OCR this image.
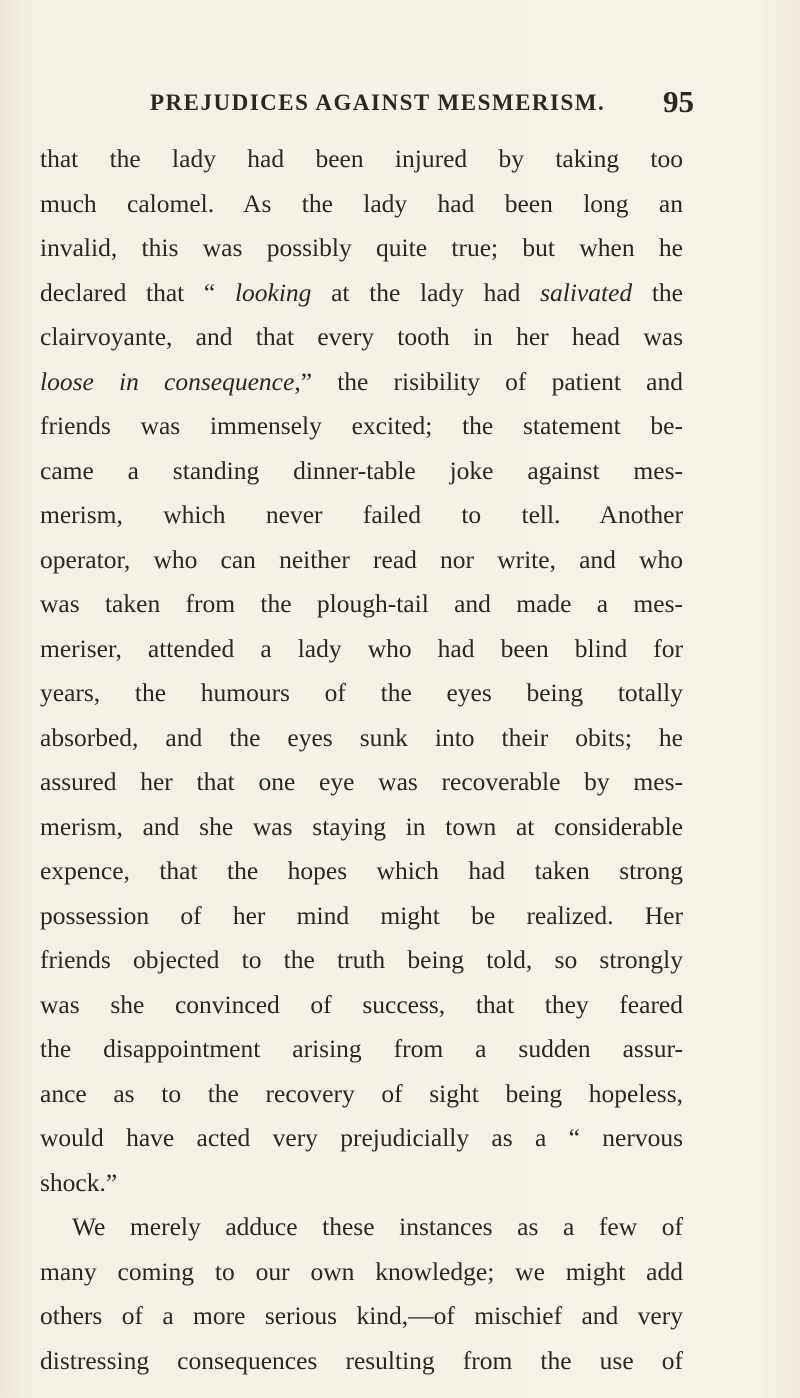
PREJUDICES AGAINST MESMERISM. 95
that the lady had been injured by taking too
much calomel. As the lady had been long an
invalid, this was possibly quite true; but when he
declared that “ looking at the lady had salivated the
clairvoyante, and that every tooth in her head was
loose in consequence,” the risibility of patient and
friends was immensely excited; the statement be-
came a standing dinner-table joke against mes-
merism, which never failed to tell. Another
operator, who can neither read nor write, and who
was taken from the plough-tail and made a mes-
meriser, attended a lady who had been blind for
years, the humours of the eyes being totally
absorbed, and the eyes sunk into their obits; he
assured her that one eye was recoverable by mes-
merism, and she was staying in town at considerable
expence, that the hopes which had taken strong
possession of her mind might be realized. Her
friends objected to the truth being told, so strongly
was she convinced of success, that they feared
the disappointment arising from a sudden assur-
ance as to the recovery of sight being hopeless,
would have acted very prejudicially as a “ nervous
shock.”
We merely adduce these instances as a few of
many coming to our own knowledge; we might add
others of a more serious kind,—of mischief and very
distressing consequences resulting from the use of
